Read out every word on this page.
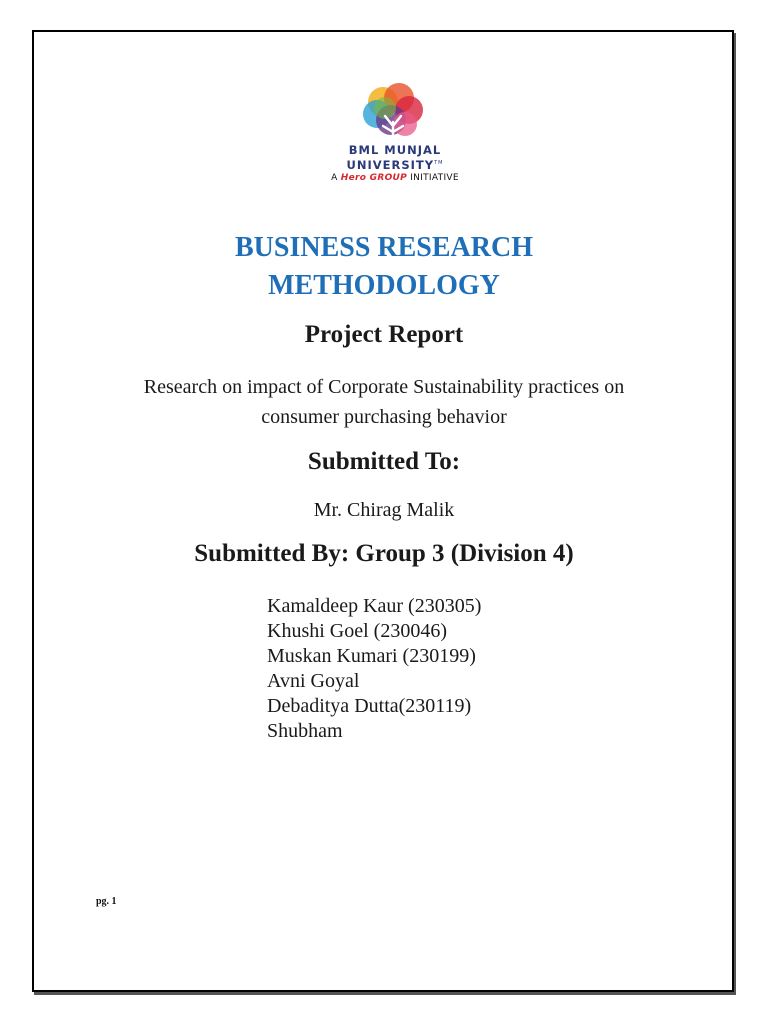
BML MUNJAL
UNIVERSITY™
A Hero GROUP INITIATIVE
BUSINESS RESEARCH
METHODOLOGY
Project Report
Research on impact of Corporate Sustainability practices on
consumer purchasing behavior
Submitted To:
Mr. Chirag Malik
Submitted By: Group 3 (Division 4)
Kamaldeep Kaur (230305)
Khushi Goel (230046)
Muskan Kumari (230199)
Avni Goyal
Debaditya Dutta(230119)
Shubham
pg. 1
